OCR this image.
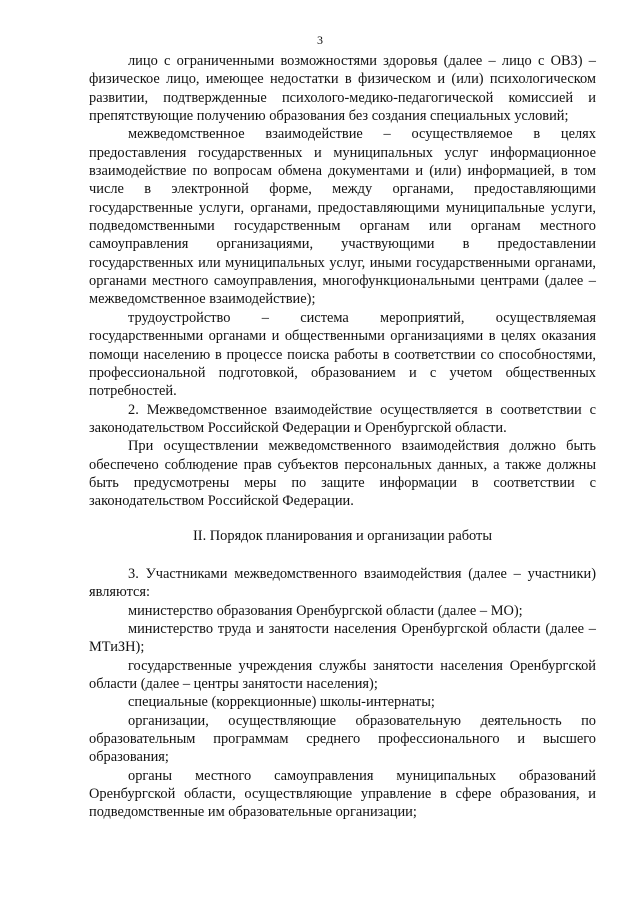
3

лицо с ограниченными возможностями здоровья (далее – лицо с ОВЗ) – физическое лицо, имеющее недостатки в физическом и (или) психологическом развитии, подтвержденные психолого-медико-педагогической комиссией и препятствующие получению образования без создания специальных условий;

межведомственное взаимодействие – осуществляемое в целях предоставления государственных и муниципальных услуг информационное взаимодействие по вопросам обмена документами и (или) информацией, в том числе в электронной форме, между органами, предоставляющими государственные услуги, органами, предоставляющими муниципальные услуги, подведомственными государственным органам или органам местного самоуправления организациями, участвующими в предоставлении государственных или муниципальных услуг, иными государственными органами, органами местного самоуправления, многофункциональными центрами (далее – межведомственное взаимодействие);

трудоустройство – система мероприятий, осуществляемая государственными органами и общественными организациями в целях оказания помощи населению в процессе поиска работы в соответствии со способностями, профессиональной подготовкой, образованием и с учетом общественных потребностей.

2. Межведомственное взаимодействие осуществляется в соответствии с законодательством Российской Федерации и Оренбургской области.

При осуществлении межведомственного взаимодействия должно быть обеспечено соблюдение прав субъектов персональных данных, а также должны быть предусмотрены меры по защите информации в соответствии с законодательством Российской Федерации.

II. Порядок планирования и организации работы

3. Участниками межведомственного взаимодействия (далее – участники) являются:

министерство образования Оренбургской области (далее – МО);

министерство труда и занятости населения Оренбургской области (далее – МТиЗН);

государственные учреждения службы занятости населения Оренбургской области (далее – центры занятости населения);

специальные (коррекционные) школы-интернаты;

организации, осуществляющие образовательную деятельность по образовательным программам среднего профессионального и высшего образования;

органы местного самоуправления муниципальных образований Оренбургской области, осуществляющие управление в сфере образования, и подведомственные им образовательные организации;
